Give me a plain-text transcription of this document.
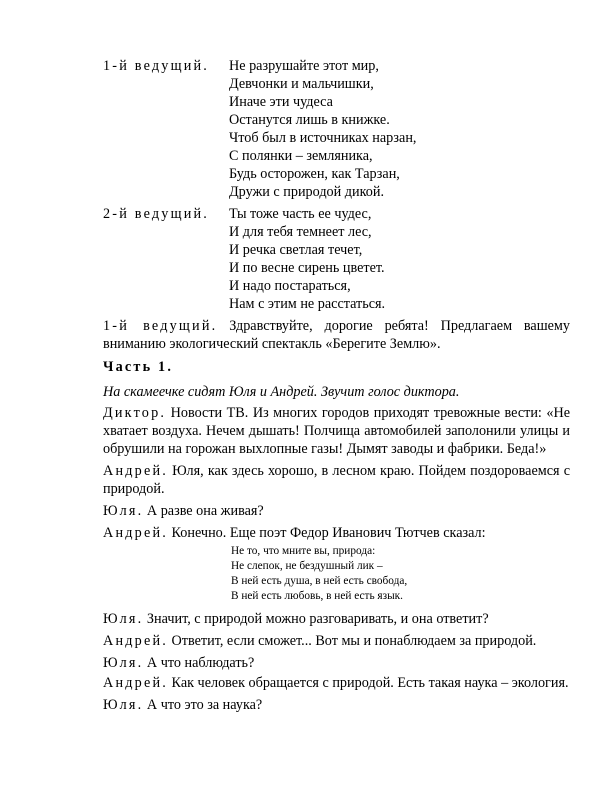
1-й ведущий. Не разрушайте этот мир,
Девчонки и мальчишки,
Иначе эти чудеса
Останутся лишь в книжке.
Чтоб был в источниках нарзан,
С полянки – земляника,
Будь осторожен, как Тарзан,
Дружи с природой дикой.
2-й ведущий. Ты тоже часть ее чудес,
И для тебя темнеет лес,
И речка светлая течет,
И по весне сирень цветет.
И надо постараться,
Нам с этим не расстаться.

1-й ведущий. Здравствуйте, дорогие ребята! Предлагаем вашему вниманию экологический спектакль «Берегите Землю».

Часть 1.
На скамеечке сидят Юля и Андрей. Звучит голос диктора.

Диктор. Новости ТВ. Из многих городов приходят тревожные вести: «Не хватает воздуха. Нечем дышать! Полчища автомобилей заполонили улицы и обрушили на горожан выхлопные газы! Дымят заводы и фабрики. Беда!»

Андрей. Юля, как здесь хорошо, в лесном краю. Пойдем поздороваемся с природой.

Юля. А разве она живая?
Андрей. Конечно. Еще поэт Федор Иванович Тютчев сказал:
Не то, что мните вы, природа:
Не слепок, не бездушный лик –
В ней есть душа, в ней есть свобода,
В ней есть любовь, в ней есть язык.
Юля. Значит, с природой можно разговаривать, и она ответит?
Андрей. Ответит, если сможет... Вот мы и понаблюдаем за природой.
Юля. А что наблюдать?
Андрей. Как человек обращается с природой. Есть такая наука – экология.
Юля. А что это за наука?
